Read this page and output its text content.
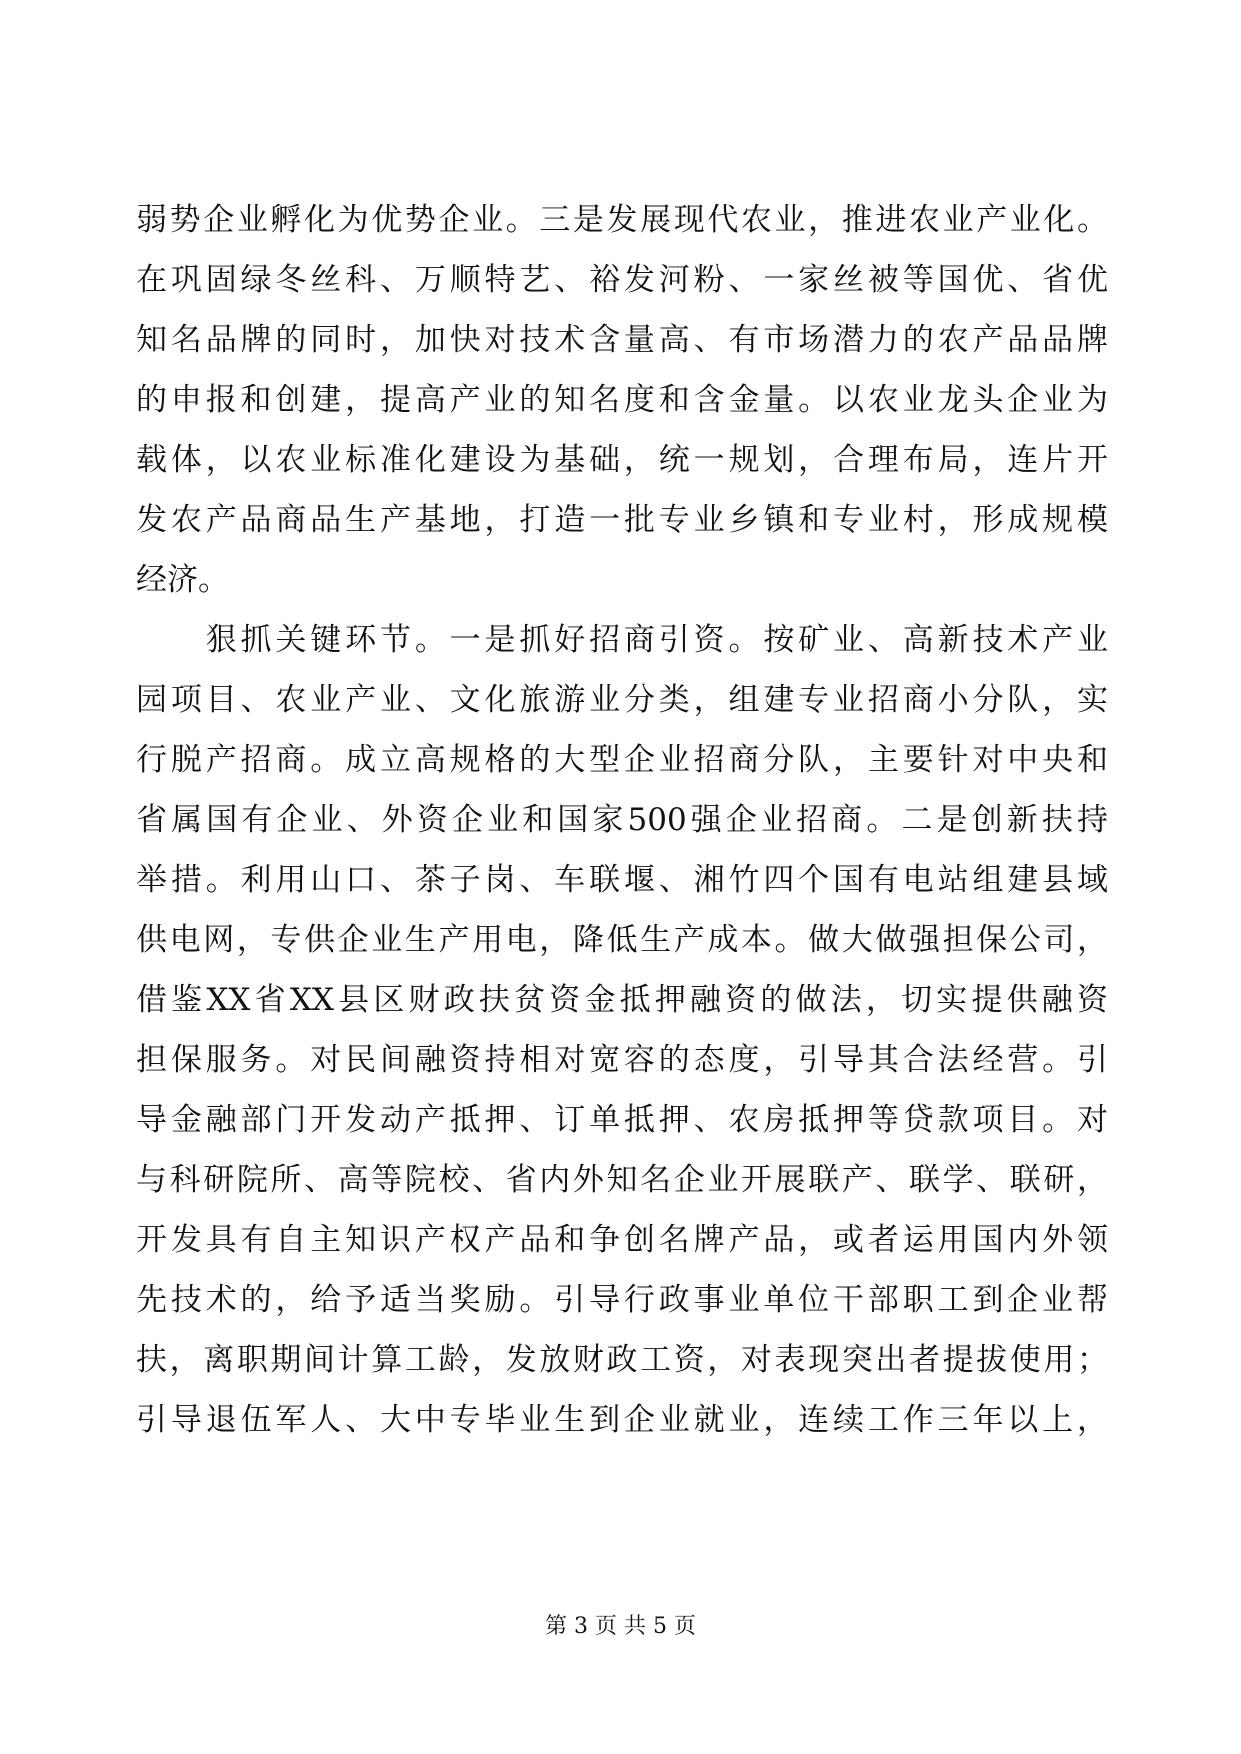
弱势企业孵化为优势企业。三是发展现代农业，推进农业产业化。
在巩固绿冬丝科、万顺特艺、裕发河粉、一家丝被等国优、省优
知名品牌的同时，加快对技术含量高、有市场潜力的农产品品牌
的申报和创建，提高产业的知名度和含金量。以农业龙头企业为
载体，以农业标准化建设为基础，统一规划，合理布局，连片开
发农产品商品生产基地，打造一批专业乡镇和专业村，形成规模
经济。
　　狠抓关键环节。一是抓好招商引资。按矿业、高新技术产业
园项目、农业产业、文化旅游业分类，组建专业招商小分队，实
行脱产招商。成立高规格的大型企业招商分队，主要针对中央和
省属国有企业、外资企业和国家500强企业招商。二是创新扶持
举措。利用山口、茶子岗、车联堰、湘竹四个国有电站组建县域
供电网，专供企业生产用电，降低生产成本。做大做强担保公司，
借鉴XX省XX县区财政扶贫资金抵押融资的做法，切实提供融资
担保服务。对民间融资持相对宽容的态度，引导其合法经营。引
导金融部门开发动产抵押、订单抵押、农房抵押等贷款项目。对
与科研院所、高等院校、省内外知名企业开展联产、联学、联研，
开发具有自主知识产权产品和争创名牌产品，或者运用国内外领
先技术的，给予适当奖励。引导行政事业单位干部职工到企业帮
扶，离职期间计算工龄，发放财政工资，对表现突出者提拔使用；
引导退伍军人、大中专毕业生到企业就业，连续工作三年以上，
第 3 页 共 5 页
